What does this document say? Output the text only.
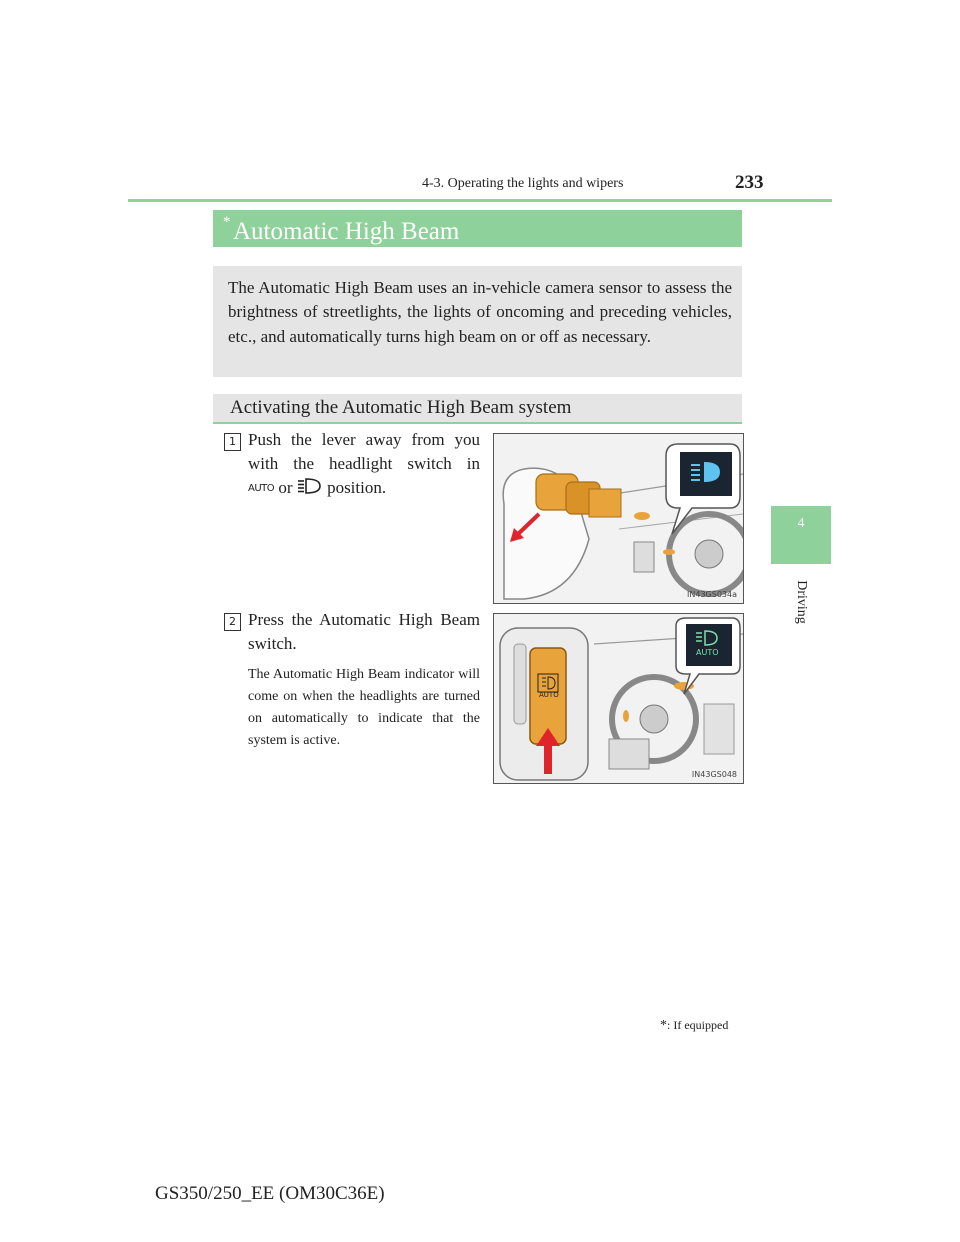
4-3. Operating the lights and wipers	233
4
Driving
Automatic High Beam
*

The Automatic High Beam uses an in-vehicle camera sensor to assess the brightness of streetlights, the lights of oncoming and preceding vehicles, etc., and automatically turns high beam on or off as necessary.

Activating the Automatic High Beam system
1 Push the lever away from you
with the headlight switch in
AUTO or position.
IN43GS034a
2 Press the Automatic High Beam switch.
The Automatic High Beam indicator will come on when the headlights are turned on automatically to indicate that the system is active.
AUTO
AUTO
IN43GS048
*: If equipped
GS350/250_EE (OM30C36E)
